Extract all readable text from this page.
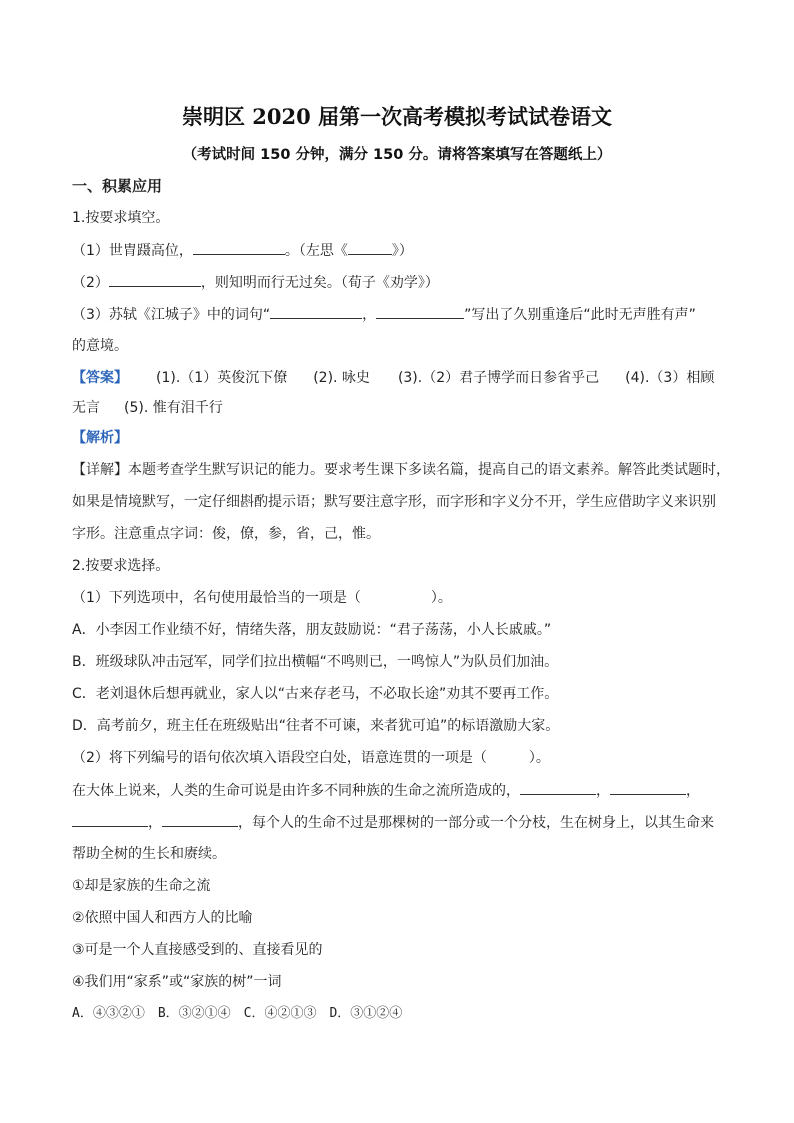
崇明区 2020 届第一次高考模拟考试试卷语文
（考试时间 150 分钟，满分 150 分。请将答案填写在答题纸上）
一、积累应用
1.按要求填空。
（1）世胄蹑高位，	。（左思《	》）
（2）	，则知明而行无过矣。（荀子《劝学》）
（3）苏轼《江城子》中的词句“	，	”写出了久别重逢后“此时无声胜有声”
的意境。
【答案】 (1).（1）英俊沉下僚 (2). 咏史 (3).（2）君子博学而日参省乎己 (4).（3）相顾
无言 (5). 惟有泪千行
【解析】
【详解】本题考查学生默写识记的能力。要求考生课下多读名篇，提高自己的语文素养。解答此类试题时，
如果是情境默写，一定仔细斟酌提示语；默写要注意字形，而字形和字义分不开，学生应借助字义来识别
字形。注意重点字词：俊，僚，参，省，己，惟。
2.按要求选择。
（1）下列选项中，名句使用最恰当的一项是（　　　　　）。
A．小李因工作业绩不好，情绪失落，朋友鼓励说：“君子荡荡，小人长戚戚。”
B．班级球队冲击冠军，同学们拉出横幅“不鸣则已，一鸣惊人”为队员们加油。
C．老刘退休后想再就业，家人以“古来存老马，不必取长途”劝其不要再工作。
D．高考前夕，班主任在班级贴出“往者不可谏，来者犹可追”的标语激励大家。
（2）将下列编号的语句依次填入语段空白处，语意连贯的一项是（　　　）。
在大体上说来，人类的生命可说是由许多不同种族的生命之流所造成的，	，	，
，	，每个人的生命不过是那棵树的一部分或一个分枝，生在树身上，以其生命来
帮助全树的生长和赓续。
①却是家族的生命之流
②依照中国人和西方人的比喻
③可是一个人直接感受到的、直接看见的
④我们用“家系”或“家族的树”一词
A．④③②①　B．③②①④　C．④②①③　D．③①②④
